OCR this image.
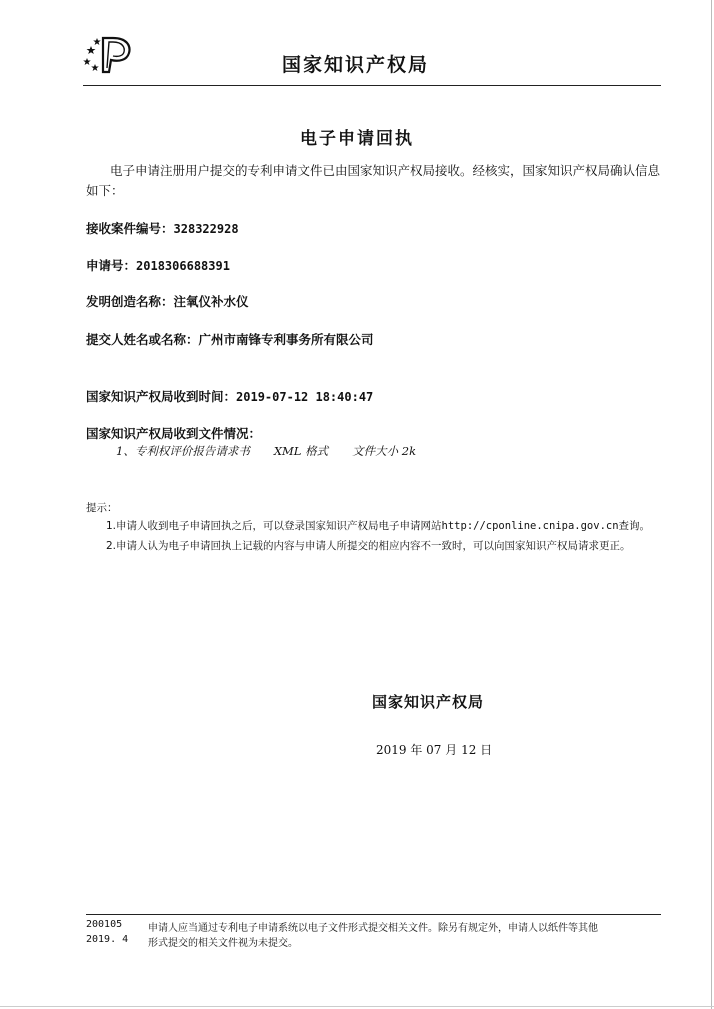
国家知识产权局
电子申请回执
电子申请注册用户提交的专利申请文件已由国家知识产权局接收。经核实，国家知识产权局确认信息如下：
接收案件编号：328322928
申请号：2018306688391
发明创造名称：注氧仪补水仪
提交人姓名或名称：广州市南锋专利事务所有限公司
国家知识产权局收到时间：2019-07-12 18:40:47
国家知识产权局收到文件情况：
1、专利权评价报告请求书 XML 格式 文件大小 2k
提示：
1.申请人收到电子申请回执之后，可以登录国家知识产权局电子申请网站http://cponline.cnipa.gov.cn查询。
2.申请人认为电子申请回执上记载的内容与申请人所提交的相应内容不一致时，可以向国家知识产权局请求更正。
国家知识产权局
2019 年 07 月 12 日
200105
2019. 4
申请人应当通过专利电子申请系统以电子文件形式提交相关文件。除另有规定外，申请人以纸件等其他
形式提交的相关文件视为未提交。
